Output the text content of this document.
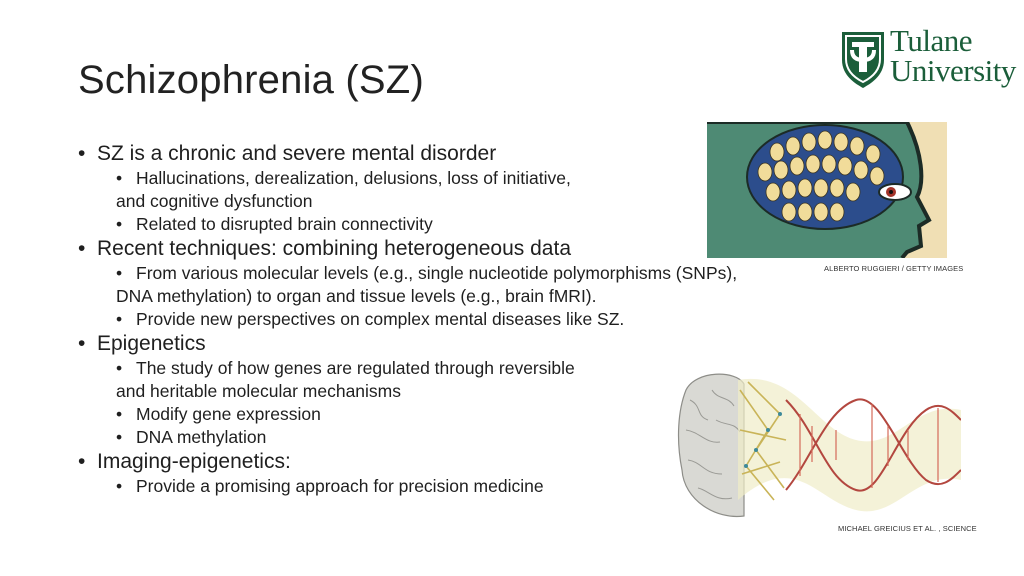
Schizophrenia (SZ)
Tulane
University
• SZ is a chronic and severe mental disorder
• Hallucinations, derealization, delusions, loss of initiative,
and cognitive dysfunction
• Related to disrupted brain connectivity
• Recent techniques: combining heterogeneous data
• From various molecular levels (e.g., single nucleotide polymorphisms (SNPs),
DNA methylation) to organ and tissue levels (e.g., brain fMRI).
• Provide new perspectives on complex mental diseases like SZ.
• Epigenetics
• The study of how genes are regulated through reversible
and heritable molecular mechanisms
• Modify gene expression
• DNA methylation
• Imaging-epigenetics:
• Provide a promising approach for precision medicine
ALBERTO RUGGIERI / GETTY IMAGES
MICHAEL GREICIUS ET AL. , SCIENCE
